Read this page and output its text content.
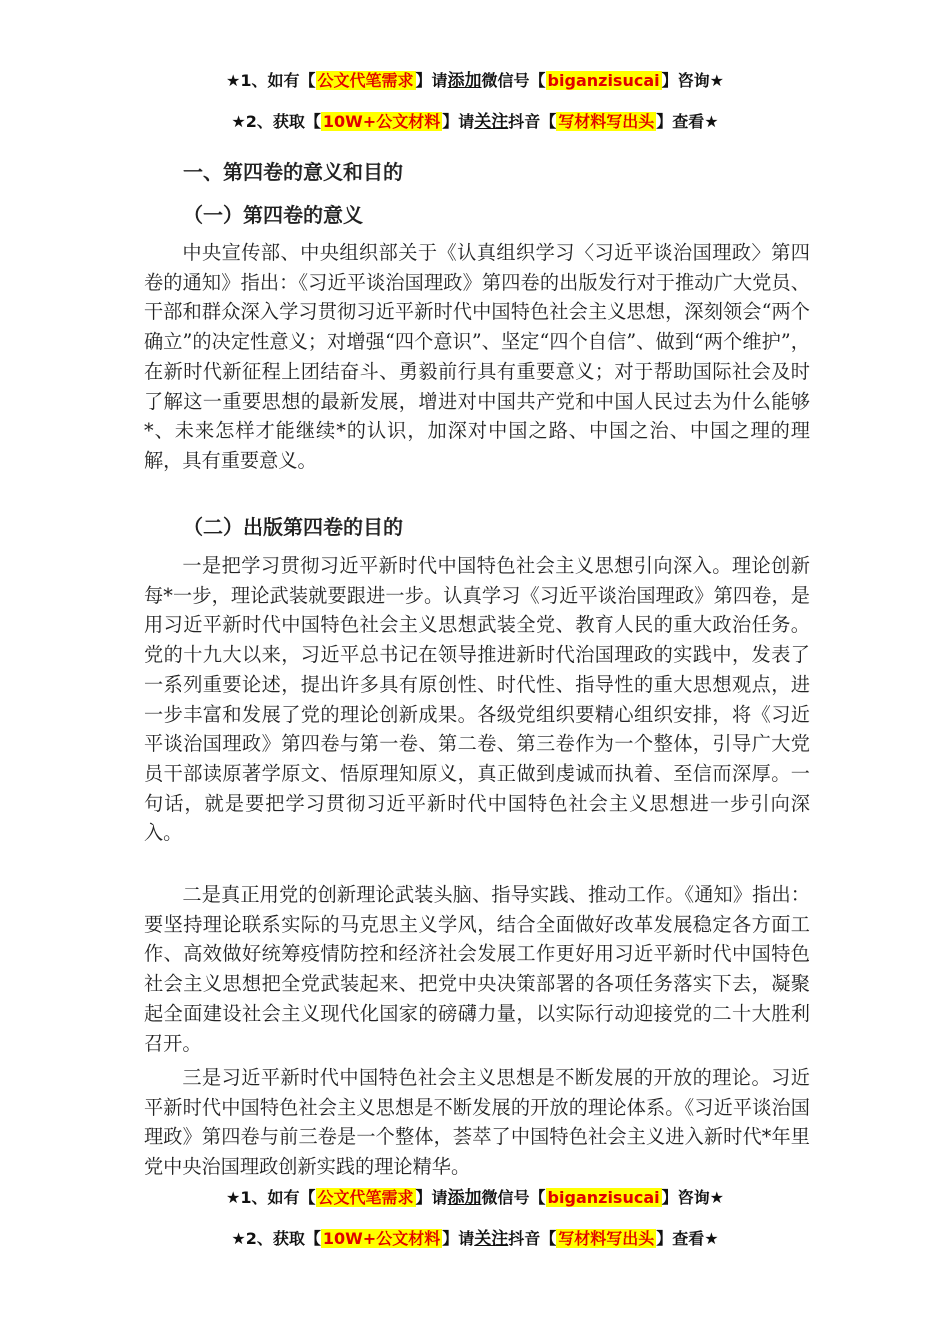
★1、如有【 公文代笔需求 】请添加微信号【 biganzisucai 】咨询★
★2、获取【 10W+公文材料 】请关注抖音【 写材料写出头 】查看★
一、第四卷的意义和目的
（一）第四卷的意义

中央宣传部、中央组织部关于《认真组织学习〈习近平谈治国理政〉第四卷的通知》指出：《习近平谈治国理政》第四卷的出版发行对于推动广大党员、干部和群众深入学习贯彻习近平新时代中国特色社会主义思想，深刻领会“两个确立”的决定性意义；对增强“四个意识”、坚定“四个自信”、做到“两个维护”，在新时代新征程上团结奋斗、勇毅前行具有重要意义；对于帮助国际社会及时了解这一重要思想的最新发展，增进对中国共产党和中国人民过去为什么能够*、未来怎样才能继续*的认识，加深对中国之路、中国之治、中国之理的理解，具有重要意义。

（二）出版第四卷的目的

一是把学习贯彻习近平新时代中国特色社会主义思想引向深入。理论创新每*一步，理论武装就要跟进一步。认真学习《习近平谈治国理政》第四卷，是用习近平新时代中国特色社会主义思想武装全党、教育人民的重大政治任务。党的十九大以来，习近平总书记在领导推进新时代治国理政的实践中，发表了一系列重要论述，提出许多具有原创性、时代性、指导性的重大思想观点，进一步丰富和发展了党的理论创新成果。各级党组织要精心组织安排，将《习近平谈治国理政》第四卷与第一卷、第二卷、第三卷作为一个整体，引导广大党员干部读原著学原文、悟原理知原义，真正做到虔诚而执着、至信而深厚。一句话，就是要把学习贯彻习近平新时代中国特色社会主义思想进一步引向深入。

二是真正用党的创新理论武装头脑、指导实践、推动工作。《通知》指出：要坚持理论联系实际的马克思主义学风，结合全面做好改革发展稳定各方面工作、高效做好统筹疫情防控和经济社会发展工作更好用习近平新时代中国特色社会主义思想把全党武装起来、把党中央决策部署的各项任务落实下去，凝聚起全面建设社会主义现代化国家的磅礴力量，以实际行动迎接党的二十大胜利召开。

三是习近平新时代中国特色社会主义思想是不断发展的开放的理论。习近平新时代中国特色社会主义思想是不断发展的开放的理论体系。《习近平谈治国理政》第四卷与前三卷是一个整体，荟萃了中国特色社会主义进入新时代*年里党中央治国理政创新实践的理论精华。

★1、如有【 公文代笔需求 】请添加微信号【 biganzisucai 】咨询★
★2、获取【 10W+公文材料 】请关注抖音【 写材料写出头 】查看★
